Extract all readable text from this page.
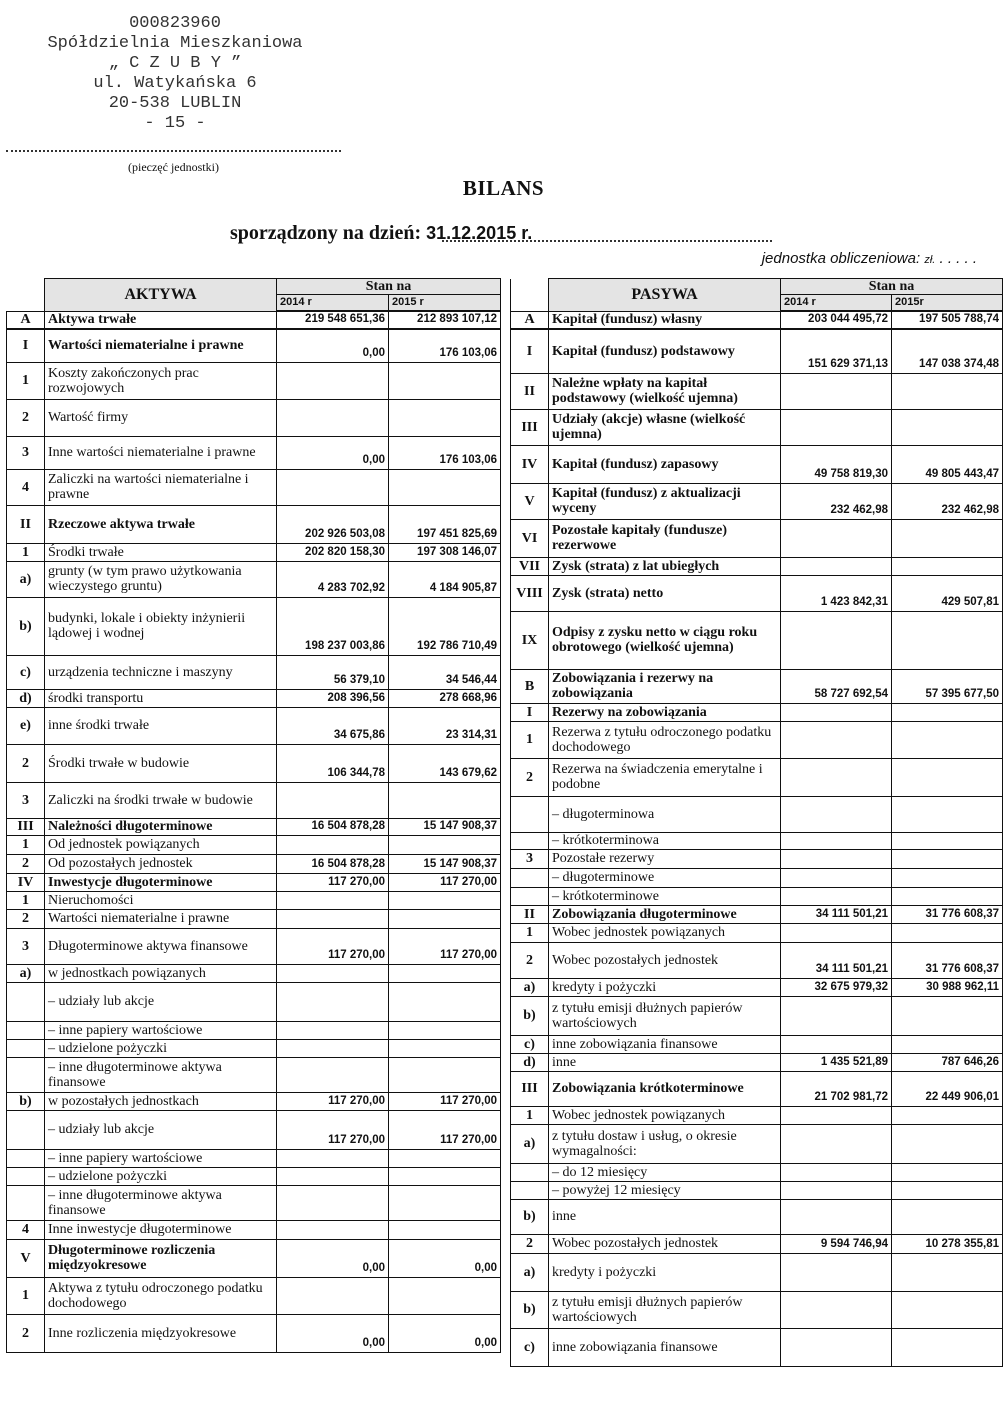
000823960
Spółdzielnia Mieszkaniowa
„ C Z U B Y ”
ul. Watykańska 6
20-538 LUBLIN
- 15 -
(pieczęć jednostki)
BILANS
sporządzony na dzień: 31.12.2015 r.
jednostka obliczeniowa: zł. . . . . .
	AKTYWA	Stan na	
		2014 r	2015 r
A	Aktywa trwałe	219 548 651,36	212 893 107,12
I	Wartości niematerialne i prawne	0,00	176 103,06
1	Koszty zakończonych prac rozwojowych		
2	Wartość firmy		
3	Inne wartości niematerialne i prawne	0,00	176 103,06
4	Zaliczki na wartości niematerialne i prawne		
II	Rzeczowe aktywa trwałe	202 926 503,08	197 451 825,69
1	Środki trwałe	202 820 158,30	197 308 146,07
a)	grunty (w tym prawo użytkowania wieczystego gruntu)	4 283 702,92	4 184 905,87
b)	budynki, lokale i obiekty inżynierii lądowej i wodnej	198 237 003,86	192 786 710,49
c)	urządzenia techniczne i maszyny	56 379,10	34 546,44
d)	środki transportu	208 396,56	278 668,96
e)	inne środki trwałe	34 675,86	23 314,31
2	Środki trwałe w budowie	106 344,78	143 679,62
3	Zaliczki na środki trwałe w budowie		
III	Należności długoterminowe	16 504 878,28	15 147 908,37
1	Od jednostek powiązanych		
2	Od pozostałych jednostek	16 504 878,28	15 147 908,37
IV	Inwestycje długoterminowe	117 270,00	117 270,00
1	Nieruchomości		
2	Wartości niematerialne i prawne		
3	Długoterminowe aktywa finansowe	117 270,00	117 270,00
a)	w jednostkach powiązanych		
	– udziały lub akcje		
	– inne papiery wartościowe		
	– udzielone pożyczki		
	– inne długoterminowe aktywa finansowe		
b)	w pozostałych jednostkach	117 270,00	117 270,00
	– udziały lub akcje	117 270,00	117 270,00
	– inne papiery wartościowe		
	– udzielone pożyczki		
	– inne długoterminowe aktywa finansowe		
4	Inne inwestycje długoterminowe		
V	Długoterminowe rozliczenia międzyokresowe	0,00	0,00
1	Aktywa z tytułu odroczonego podatku dochodowego		
2	Inne rozliczenia międzyokresowe	0,00	0,00
	PASYWA	Stan na	
		2014 r	2015r
A	Kapitał (fundusz) własny	203 044 495,72	197 505 788,74
I	Kapitał (fundusz) podstawowy	151 629 371,13	147 038 374,48
II	Należne wpłaty na kapitał podstawowy (wielkość ujemna)		
III	Udziały (akcje) własne (wielkość ujemna)		
IV	Kapitał (fundusz) zapasowy	49 758 819,30	49 805 443,47
V	Kapitał (fundusz) z aktualizacji wyceny	232 462,98	232 462,98
VI	Pozostałe kapitały (fundusze) rezerwowe		
VII	Zysk (strata) z lat ubiegłych		
VIII	Zysk (strata) netto	1 423 842,31	429 507,81
IX	Odpisy z zysku netto w ciągu roku obrotowego (wielkość ujemna)		
B	Zobowiązania i rezerwy na zobowiązania	58 727 692,54	57 395 677,50
I	Rezerwy na zobowiązania		
1	Rezerwa z tytułu odroczonego podatku dochodowego		
2	Rezerwa na świadczenia emerytalne i podobne		
	– długoterminowa		
	– krótkoterminowa		
3	Pozostałe rezerwy		
	– długoterminowe		
	– krótkoterminowe		
II	Zobowiązania długoterminowe	34 111 501,21	31 776 608,37
1	Wobec jednostek powiązanych		
2	Wobec pozostałych jednostek	34 111 501,21	31 776 608,37
a)	kredyty i pożyczki	32 675 979,32	30 988 962,11
b)	z tytułu emisji dłużnych papierów wartościowych		
c)	inne zobowiązania finansowe		
d)	inne	1 435 521,89	787 646,26
III	Zobowiązania krótkoterminowe	21 702 981,72	22 449 906,01
1	Wobec jednostek powiązanych		
a)	z tytułu dostaw i usług, o okresie wymagalności:		
	– do 12 miesięcy		
	– powyżej 12 miesięcy		
b)	inne		
2	Wobec pozostałych jednostek	9 594 746,94	10 278 355,81
a)	kredyty i pożyczki		
b)	z tytułu emisji dłużnych papierów wartościowych		
c)	inne zobowiązania finansowe		
